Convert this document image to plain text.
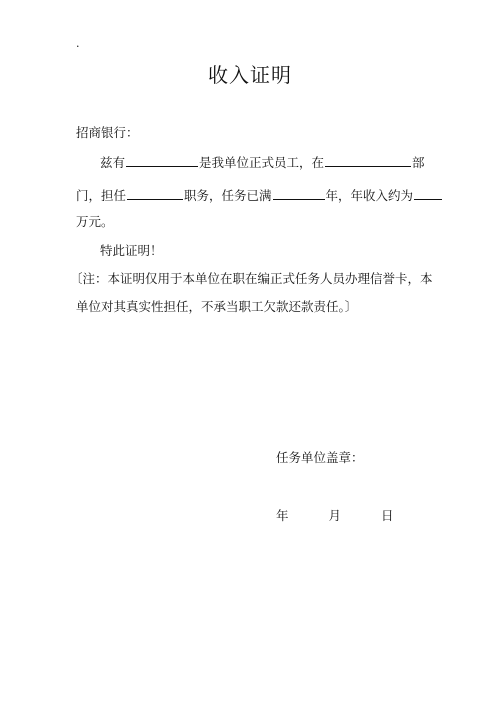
.
收入证明
招商银行：
兹有	是我单位正式员工，在	部
门，担任	职务，任务已满	年，年收入约为
万元。
特此证明！
〔注：本证明仅用于本单位在职在编正式任务人员办理信誉卡，本
单位对其真实性担任，不承当职工欠款还款责任。〕
任务单位盖章：
年	月	日
